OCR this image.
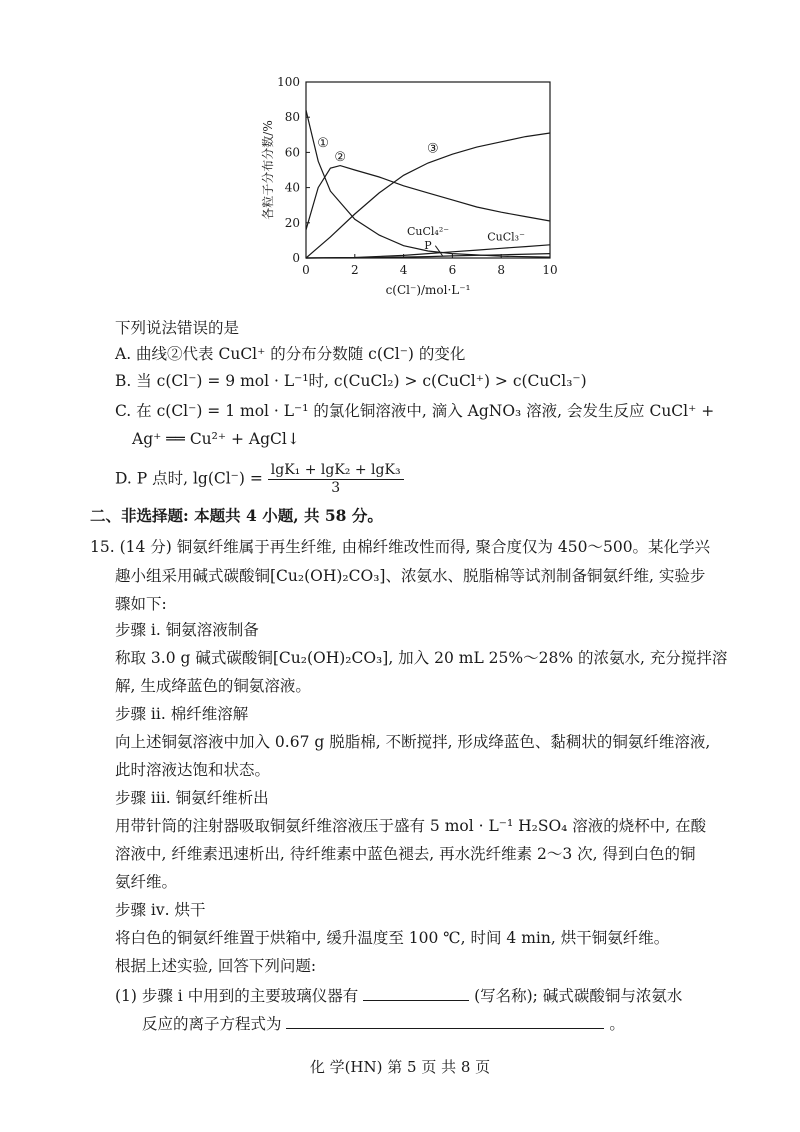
0	2	4	6	8	10
0
20
40
60
80
100
c(Cl⁻)/mol·L⁻¹
各粒子分布分数/%	①
②
③
CuCl₄²⁻	CuCl₃⁻
P
下列说法错误的是
A. 曲线②代表 CuCl⁺ 的分布分数随 c(Cl⁻) 的变化
B. 当 c(Cl⁻) = 9 mol · L⁻¹时, c(CuCl₂) > c(CuCl⁺) > c(CuCl₃⁻)
C. 在 c(Cl⁻) = 1 mol · L⁻¹ 的氯化铜溶液中, 滴入 AgNO₃ 溶液, 会发生反应 CuCl⁺ +
Ag⁺ ══ Cu²⁺ + AgCl↓
D. P 点时, $\lg(Cl^-) = \frac{\text{lgK₁ + lgK₂ + lgK₃}}{3}$
二、非选择题: 本题共 4 小题, 共 58 分。
15. (14 分) 铜氨纤维属于再生纤维, 由棉纤维改性而得, 聚合度仅为 450～500。某化学兴
趣小组采用碱式碳酸铜[Cu₂(OH)₂CO₃]、浓氨水、脱脂棉等试剂制备铜氨纤维, 实验步
骤如下:
步骤 ⅰ. 铜氨溶液制备
称取 3.0 g 碱式碳酸铜[Cu₂(OH)₂CO₃], 加入 20 mL 25%～28% 的浓氨水, 充分搅拌溶
解, 生成绛蓝色的铜氨溶液。
步骤 ⅱ. 棉纤维溶解
向上述铜氨溶液中加入 0.67 g 脱脂棉, 不断搅拌, 形成绛蓝色、黏稠状的铜氨纤维溶液,
此时溶液达饱和状态。
步骤 ⅲ. 铜氨纤维析出
用带针筒的注射器吸取铜氨纤维溶液压于盛有 5 mol · L⁻¹ H₂SO₄ 溶液的烧杯中, 在酸
溶液中, 纤维素迅速析出, 待纤维素中蓝色褪去, 再水洗纤维素 2～3 次, 得到白色的铜
氨纤维。
步骤 ⅳ. 烘干
将白色的铜氨纤维置于烘箱中, 缓升温度至 100 ℃, 时间 4 min, 烘干铜氨纤维。
根据上述实验, 回答下列问题:
(1) 步骤 ⅰ 中用到的主要玻璃仪器有	(写名称); 碱式碳酸铜与浓氨水
反应的离子方程式为	。
化 学(HN) 第 5 页 共 8 页
